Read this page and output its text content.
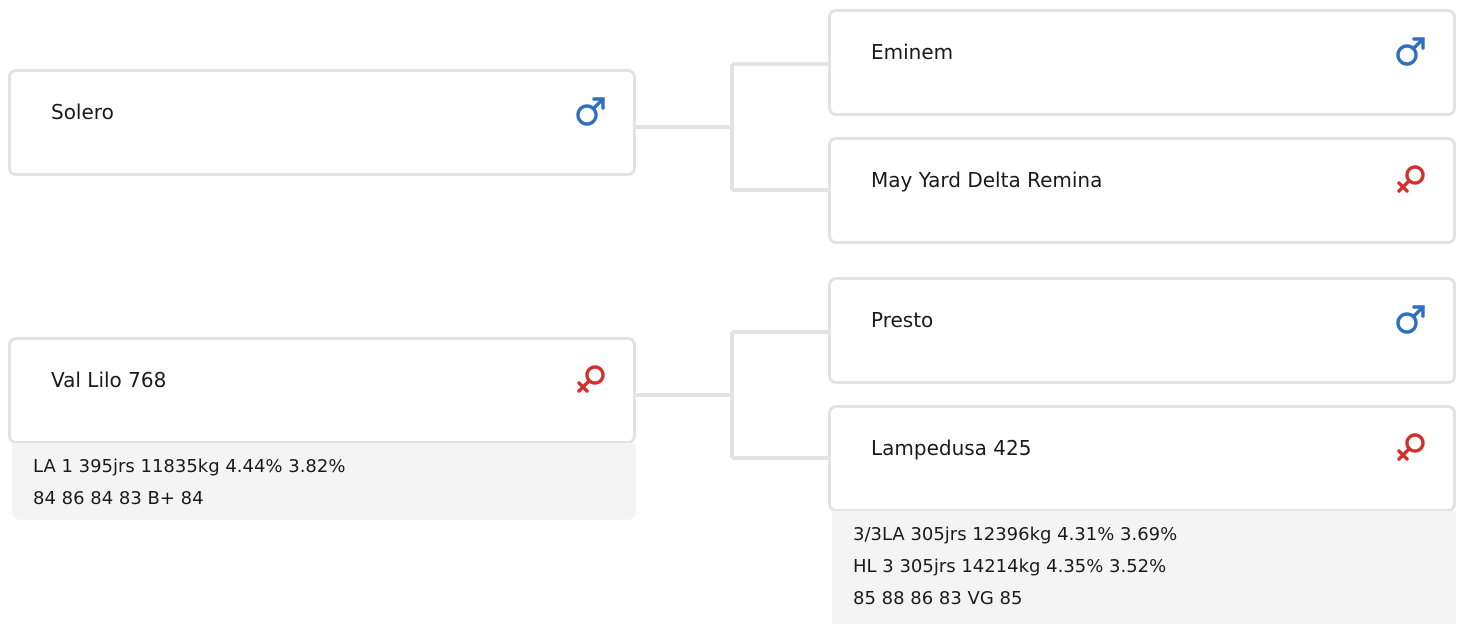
Solero
Val Lilo 768
LA 1 395jrs 11835kg 4.44% 3.82%
84 86 84 83 B+ 84
Eminem
May Yard Delta Remina
Presto
Lampedusa 425
3/3LA 305jrs 12396kg 4.31% 3.69%
HL 3 305jrs 14214kg 4.35% 3.52%
85 88 86 83 VG 85
